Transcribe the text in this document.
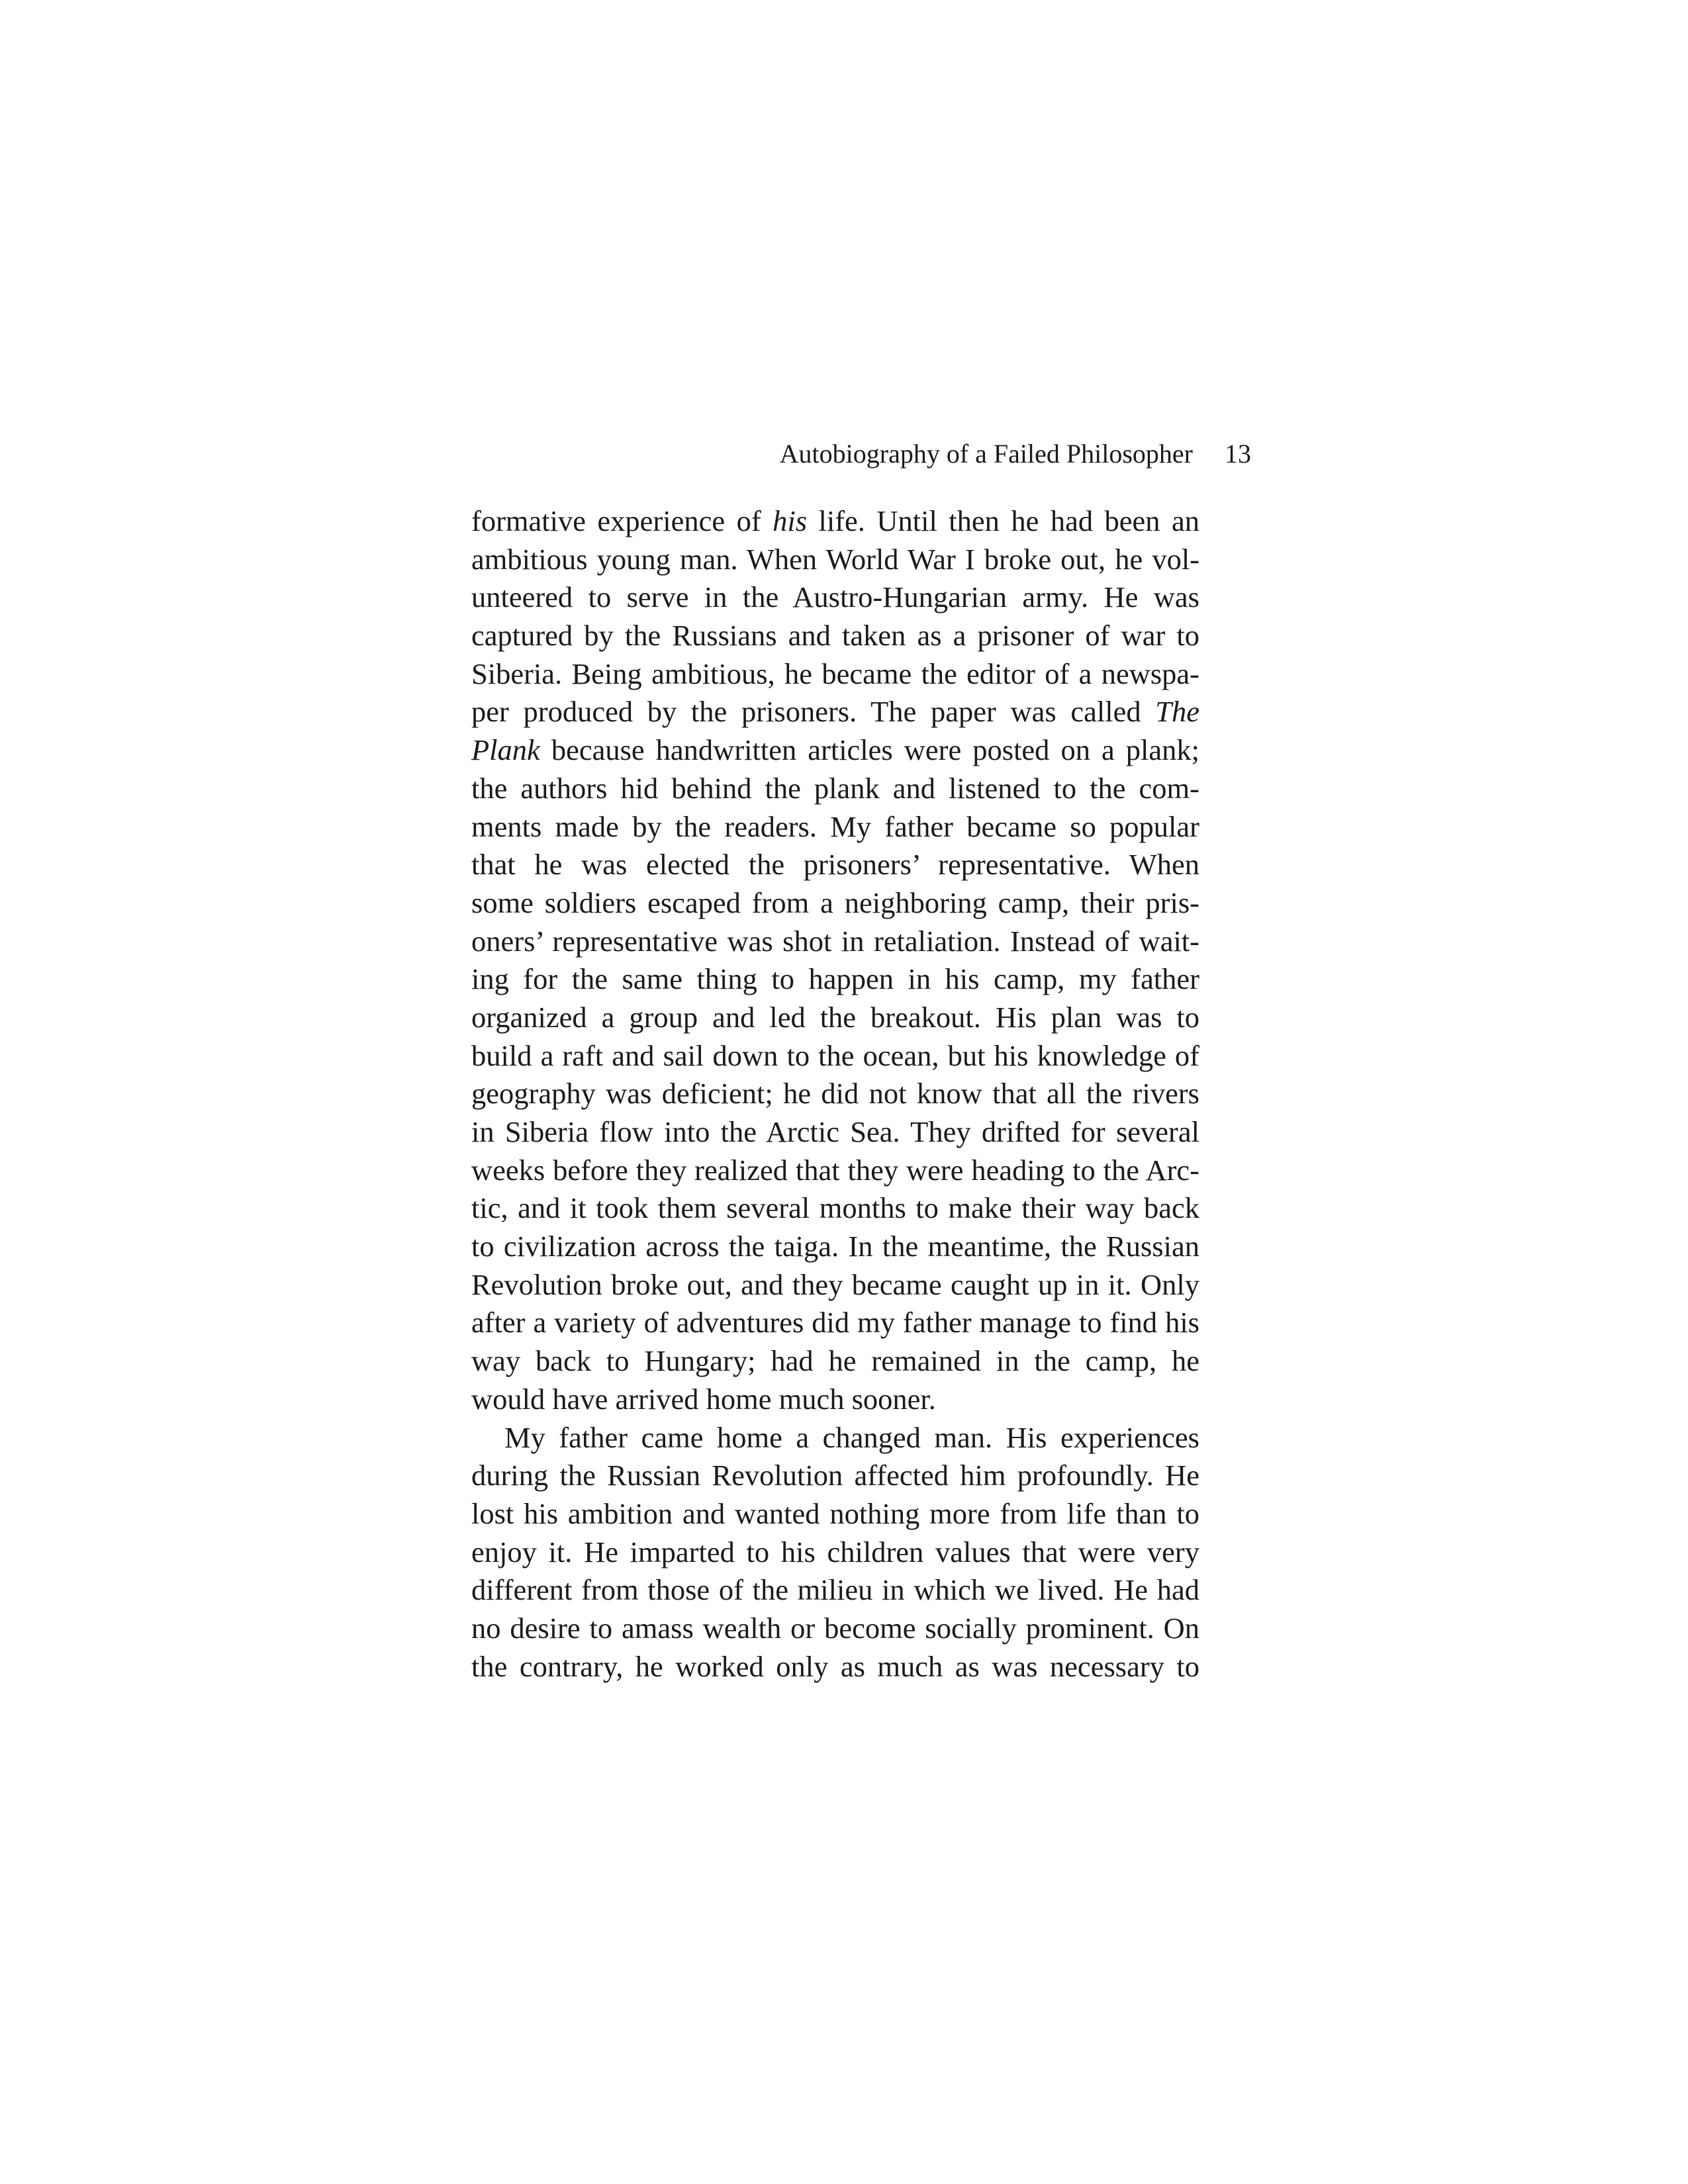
Autobiography of a Failed Philosopher 13
formative experience of his life. Until then he had been an
ambitious young man. When World War I broke out, he vol-
unteered to serve in the Austro-Hungarian army. He was
captured by the Russians and taken as a prisoner of war to
Siberia. Being ambitious, he became the editor of a newspa-
per produced by the prisoners. The paper was called The
Plank because handwritten articles were posted on a plank;
the authors hid behind the plank and listened to the com-
ments made by the readers. My father became so popular
that he was elected the prisoners’ representative. When
some soldiers escaped from a neighboring camp, their pris-
oners’ representative was shot in retaliation. Instead of wait-
ing for the same thing to happen in his camp, my father
organized a group and led the breakout. His plan was to
build a raft and sail down to the ocean, but his knowledge of
geography was deficient; he did not know that all the rivers
in Siberia flow into the Arctic Sea. They drifted for several
weeks before they realized that they were heading to the Arc-
tic, and it took them several months to make their way back
to civilization across the taiga. In the meantime, the Russian
Revolution broke out, and they became caught up in it. Only
after a variety of adventures did my father manage to find his
way back to Hungary; had he remained in the camp, he
would have arrived home much sooner.
My father came home a changed man. His experiences
during the Russian Revolution affected him profoundly. He
lost his ambition and wanted nothing more from life than to
enjoy it. He imparted to his children values that were very
different from those of the milieu in which we lived. He had
no desire to amass wealth or become socially prominent. On
the contrary, he worked only as much as was necessary to
